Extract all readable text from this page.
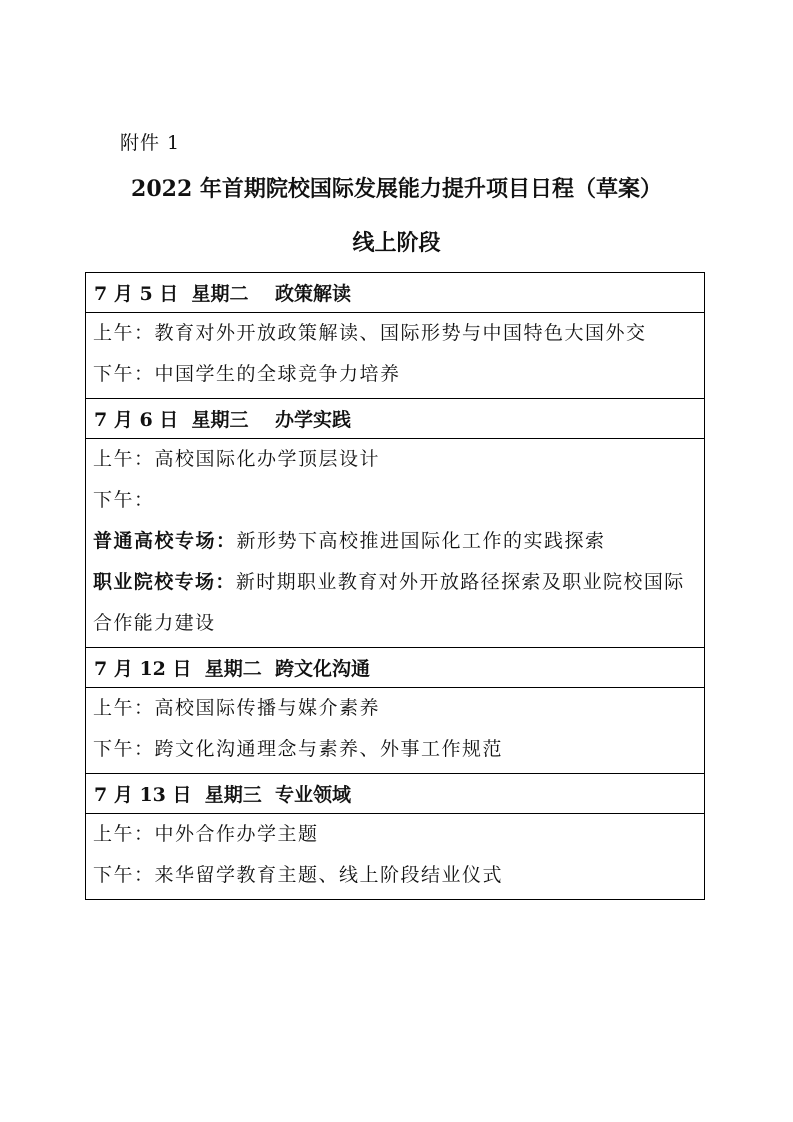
附件 1
2022 年首期院校国际发展能力提升项目日程（草案）
线上阶段
7 月 5 日  星期二    政策解读
上午：教育对外开放政策解读、国际形势与中国特色大国外交
下午：中国学生的全球竞争力培养
7 月 6 日  星期三    办学实践
上午：高校国际化办学顶层设计
下午：
普通高校专场：新形势下高校推进国际化工作的实践探索
职业院校专场：新时期职业教育对外开放路径探索及职业院校国际合作能力建设
7 月 12 日  星期二  跨文化沟通
上午：高校国际传播与媒介素养
下午：跨文化沟通理念与素养、外事工作规范
7 月 13 日  星期三  专业领域
上午：中外合作办学主题
下午：来华留学教育主题、线上阶段结业仪式
